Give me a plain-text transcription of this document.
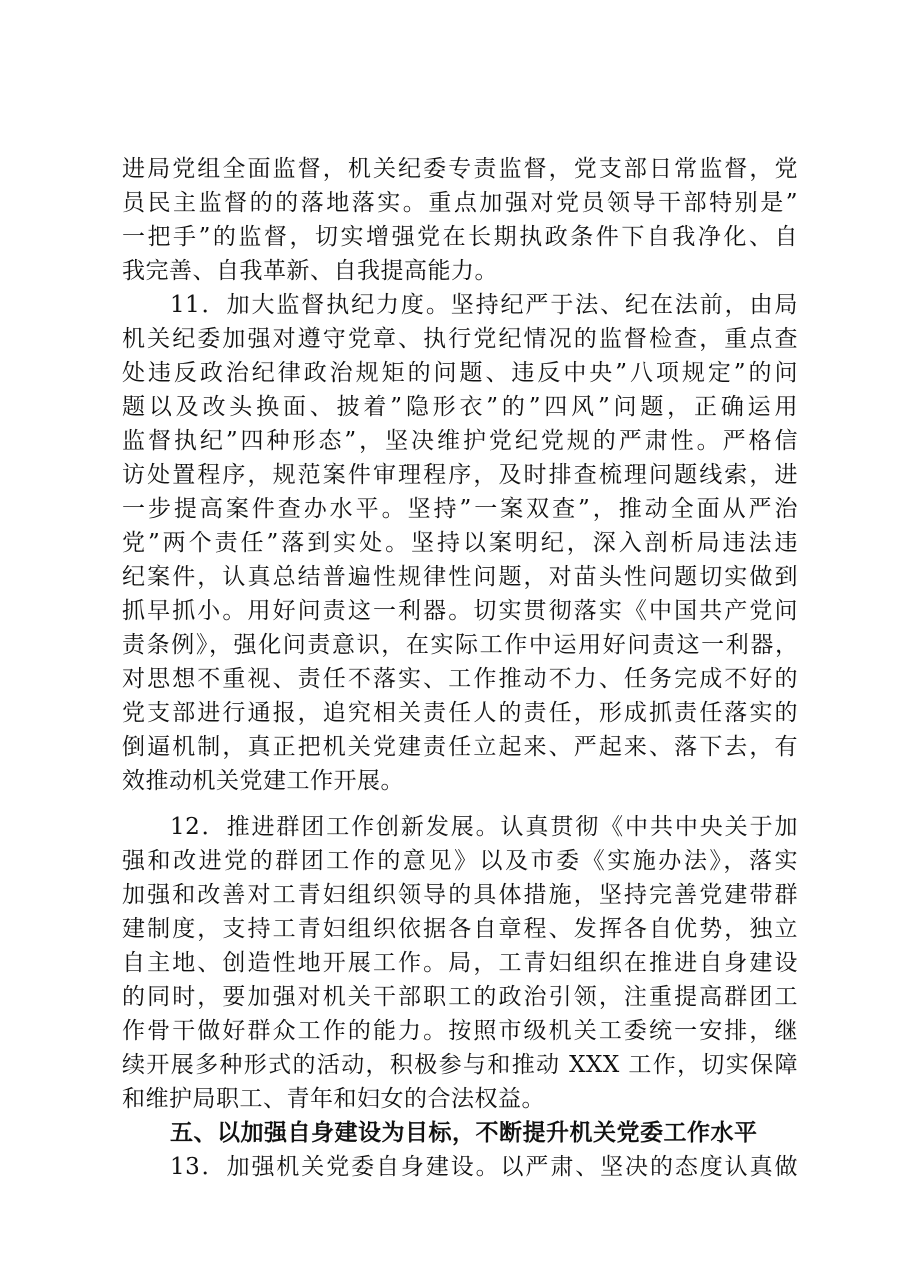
进局党组全面监督，机关纪委专责监督，党支部日常监督，党
员民主监督的的落地落实。重点加强对党员领导干部特别是”
一把手”的监督，切实增强党在长期执政条件下自我净化、自
我完善、自我革新、自我提高能力。
11．加大监督执纪力度。坚持纪严于法、纪在法前，由局
机关纪委加强对遵守党章、执行党纪情况的监督检查，重点查
处违反政治纪律政治规矩的问题、违反中央”八项规定”的问
题以及改头换面、披着”隐形衣”的”四风”问题，正确运用
监督执纪”四种形态”，坚决维护党纪党规的严肃性。严格信
访处置程序，规范案件审理程序，及时排查梳理问题线索，进
一步提高案件查办水平。坚持”一案双查”，推动全面从严治
党”两个责任”落到实处。坚持以案明纪，深入剖析局违法违
纪案件，认真总结普遍性规律性问题，对苗头性问题切实做到
抓早抓小。用好问责这一利器。切实贯彻落实《中国共产党问
责条例》，强化问责意识，在实际工作中运用好问责这一利器，
对思想不重视、责任不落实、工作推动不力、任务完成不好的
党支部进行通报，追究相关责任人的责任，形成抓责任落实的
倒逼机制，真正把机关党建责任立起来、严起来、落下去，有
效推动机关党建工作开展。
12．推进群团工作创新发展。认真贯彻《中共中央关于加
强和改进党的群团工作的意见》以及市委《实施办法》，落实
加强和改善对工青妇组织领导的具体措施，坚持完善党建带群
建制度，支持工青妇组织依据各自章程、发挥各自优势，独立
自主地、创造性地开展工作。局，工青妇组织在推进自身建设
的同时，要加强对机关干部职工的政治引领，注重提高群团工
作骨干做好群众工作的能力。按照市级机关工委统一安排，继
续开展多种形式的活动，积极参与和推动 XXX 工作，切实保障
和维护局职工、青年和妇女的合法权益。
五、以加强自身建设为目标，不断提升机关党委工作水平
13．加强机关党委自身建设。以严肃、坚决的态度认真做
